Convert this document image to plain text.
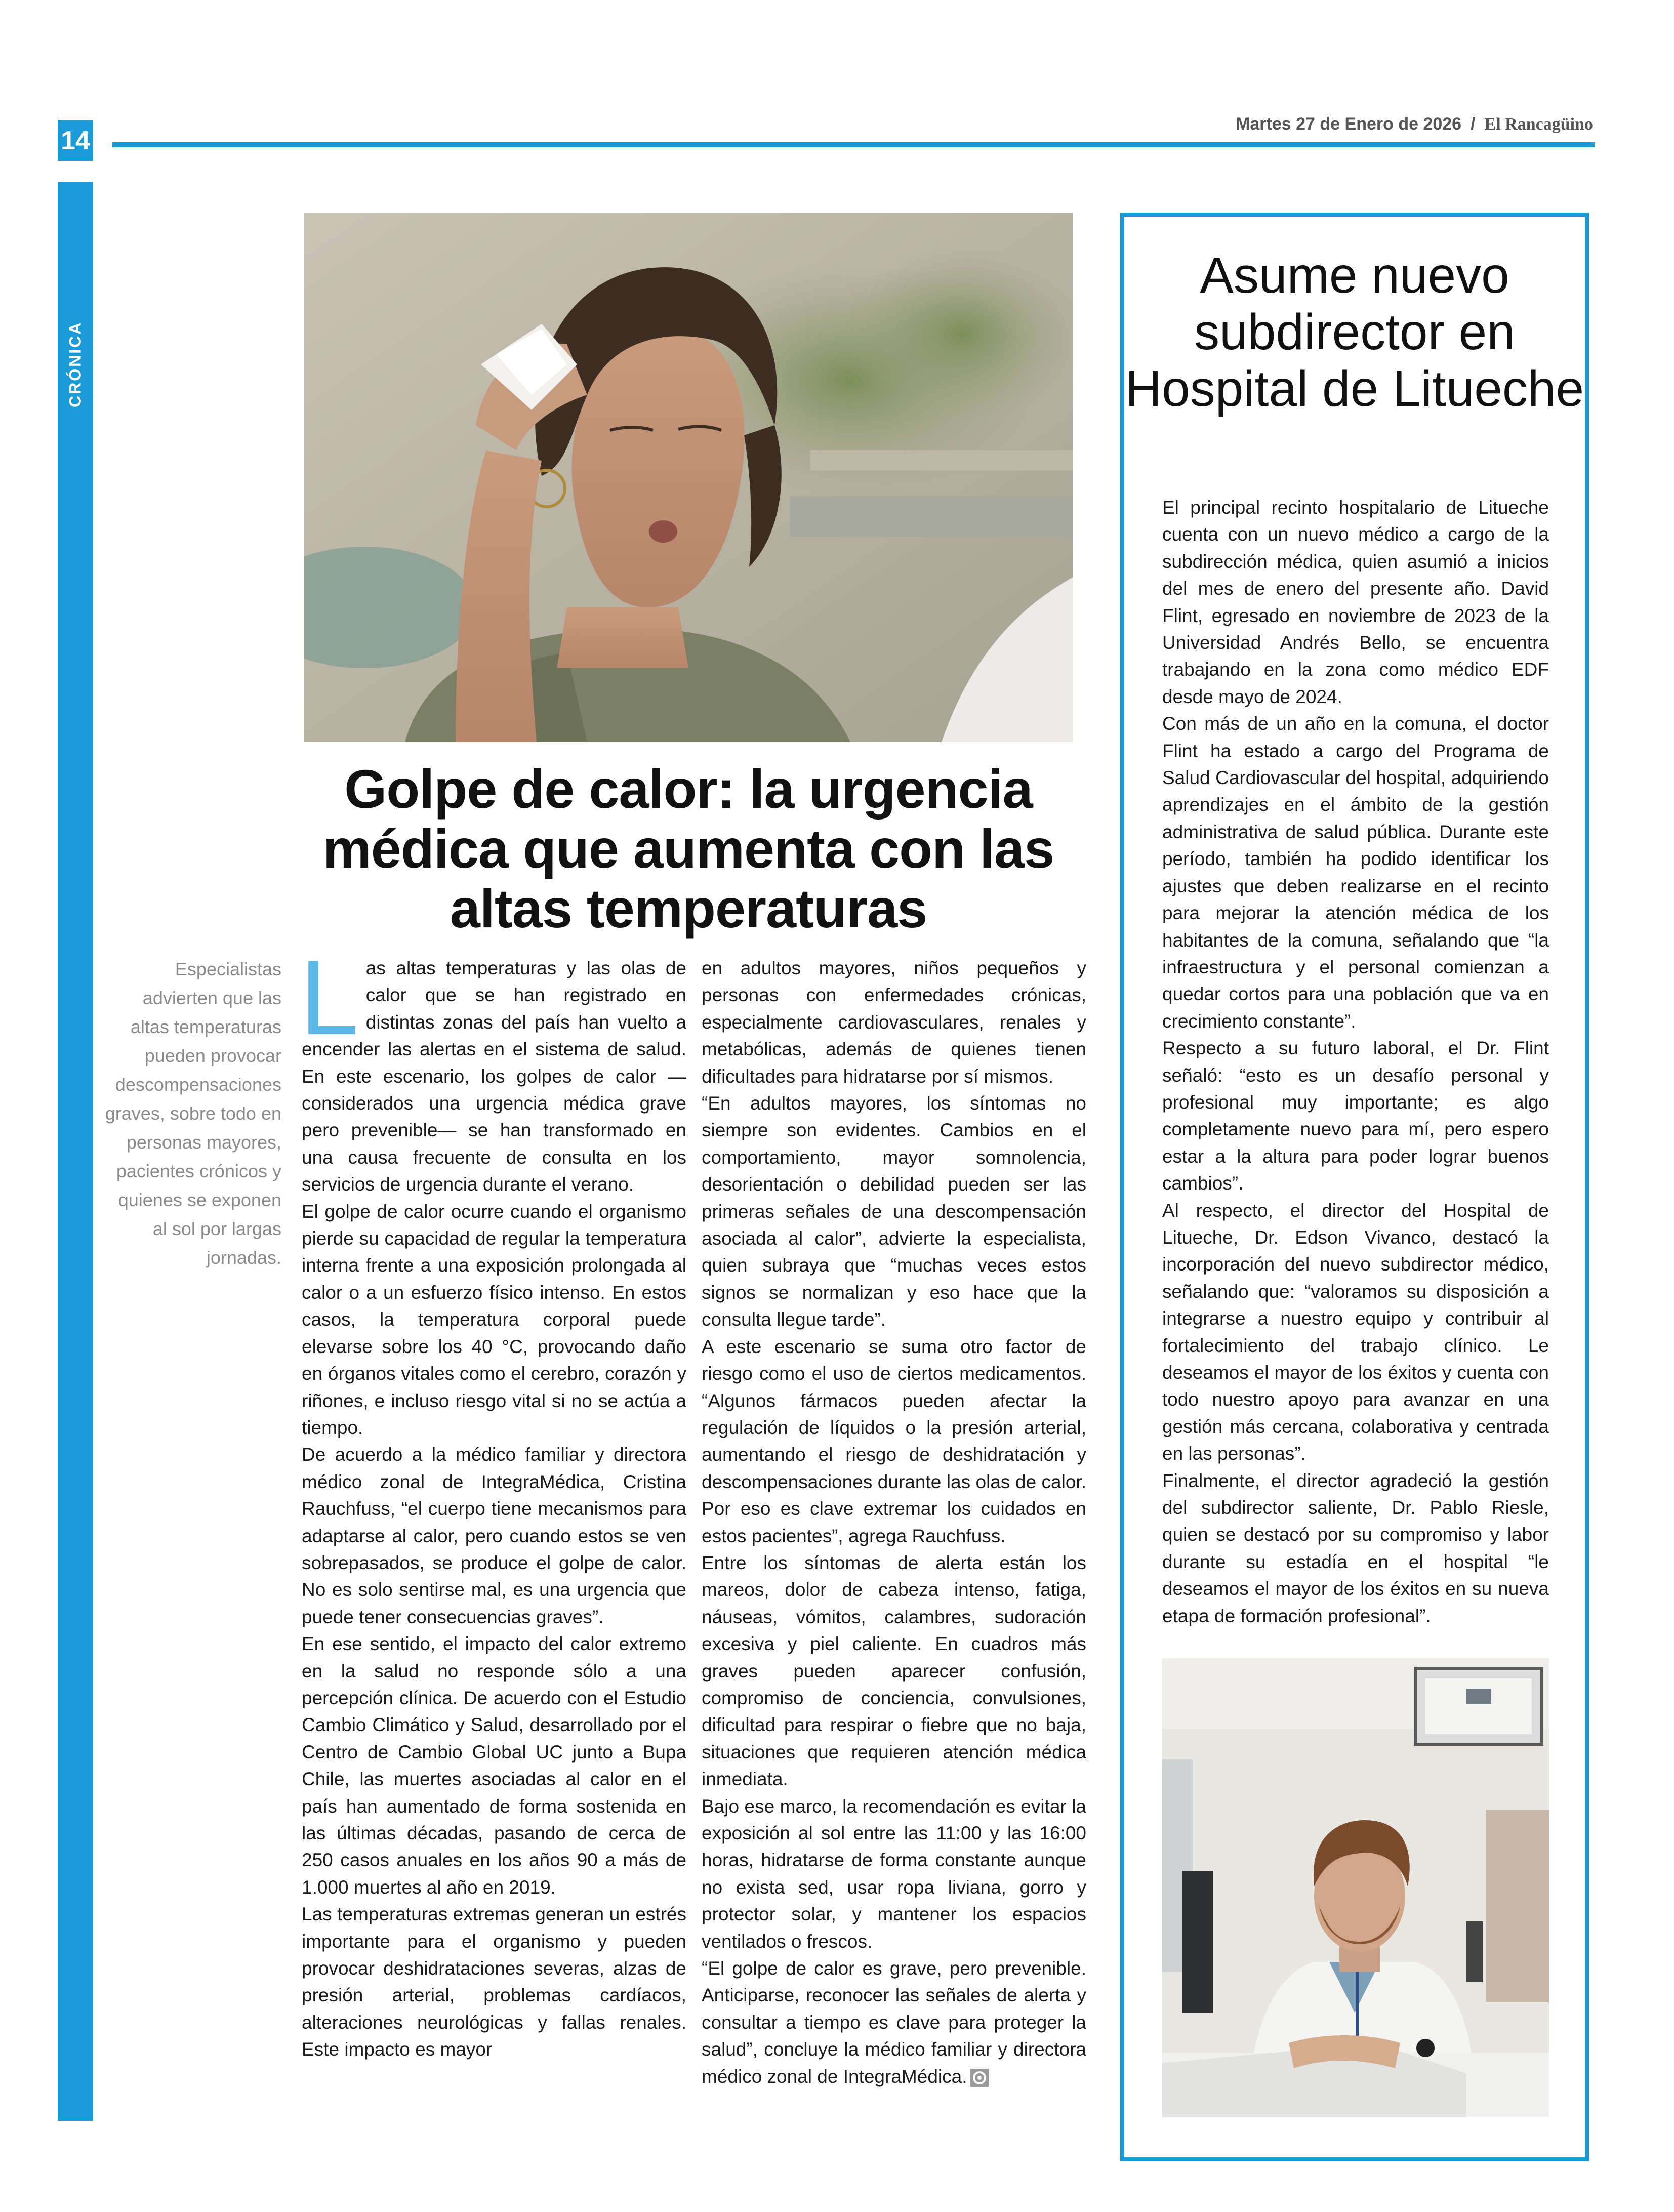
14
Martes 27 de Enero de 2026 / El Rancagüino
CRÓNICA
Golpe de calor: la urgencia médica que aumenta con las altas temperaturas
Especialistas advierten que las altas temperaturas pueden provocar descompensaciones graves, sobre todo en personas mayores, pacientes crónicos y quienes se exponen al sol por largas jornadas.

Las altas temperaturas y las olas de calor que se han registrado en distintas zonas del país han vuelto a encender las alertas en el sistema de salud. En este escenario, los golpes de calor —considerados una urgencia médica grave pero prevenible— se han transformado en una causa frecuente de consulta en los servicios de urgencia durante el verano.

El golpe de calor ocurre cuando el organismo pierde su capacidad de regular la temperatura interna frente a una exposición prolongada al calor o a un esfuerzo físico intenso. En estos casos, la temperatura corporal puede elevarse sobre los 40 °C, provocando daño en órganos vitales como el cerebro, corazón y riñones, e incluso riesgo vital si no se actúa a tiempo.

De acuerdo a la médico familiar y directora médico zonal de IntegraMédica, Cristina Rauchfuss, “el cuerpo tiene mecanismos para adaptarse al calor, pero cuando estos se ven sobrepasados, se produce el golpe de calor. No es solo sentirse mal, es una urgencia que puede tener consecuencias graves”.

En ese sentido, el impacto del calor extremo en la salud no responde sólo a una percepción clínica. De acuerdo con el Estudio Cambio Climático y Salud, desarrollado por el Centro de Cambio Global UC junto a Bupa Chile, las muertes asociadas al calor en el país han aumentado de forma sostenida en las últimas décadas, pasando de cerca de 250 casos anuales en los años 90 a más de 1.000 muertes al año en 2019.

Las temperaturas extremas generan un estrés importante para el organismo y pueden provocar deshidrataciones severas, alzas de presión arterial, problemas cardíacos, alteraciones neurológicas y fallas renales. Este impacto es mayor

en adultos mayores, niños pequeños y personas con enfermedades crónicas, especialmente cardiovasculares, renales y metabólicas, además de quienes tienen dificultades para hidratarse por sí mismos.

“En adultos mayores, los síntomas no siempre son evidentes. Cambios en el comportamiento, mayor somnolencia, desorientación o debilidad pueden ser las primeras señales de una descompensación asociada al calor”, advierte la especialista, quien subraya que “muchas veces estos signos se normalizan y eso hace que la consulta llegue tarde”.

A este escenario se suma otro factor de riesgo como el uso de ciertos medicamentos. “Algunos fármacos pueden afectar la regulación de líquidos o la presión arterial, aumentando el riesgo de deshidratación y descompensaciones durante las olas de calor. Por eso es clave extremar los cuidados en estos pacientes”, agrega Rauchfuss.

Entre los síntomas de alerta están los mareos, dolor de cabeza intenso, fatiga, náuseas, vómitos, calambres, sudoración excesiva y piel caliente. En cuadros más graves pueden aparecer confusión, compromiso de conciencia, convulsiones, dificultad para respirar o fiebre que no baja, situaciones que requieren atención médica inmediata.

Bajo ese marco, la recomendación es evitar la exposición al sol entre las 11:00 y las 16:00 horas, hidratarse de forma constante aunque no exista sed, usar ropa liviana, gorro y protector solar, y mantener los espacios ventilados o frescos.

“El golpe de calor es grave, pero prevenible. Anticiparse, reconocer las señales de alerta y consultar a tiempo es clave para proteger la salud”, concluye la médico familiar y directora médico zonal de IntegraMédica.

Asume nuevo subdirector en Hospital de Litueche

El principal recinto hospitalario de Litueche cuenta con un nuevo médico a cargo de la subdirección médica, quien asumió a inicios del mes de enero del presente año. David Flint, egresado en noviembre de 2023 de la Universidad Andrés Bello, se encuentra trabajando en la zona como médico EDF desde mayo de 2024.

Con más de un año en la comuna, el doctor Flint ha estado a cargo del Programa de Salud Cardiovascular del hospital, adquiriendo aprendizajes en el ámbito de la gestión administrativa de salud pública. Durante este período, también ha podido identificar los ajustes que deben realizarse en el recinto para mejorar la atención médica de los habitantes de la comuna, señalando que “la infraestructura y el personal comienzan a quedar cortos para una población que va en crecimiento constante”.

Respecto a su futuro laboral, el Dr. Flint señaló: “esto es un desafío personal y profesional muy importante; es algo completamente nuevo para mí, pero espero estar a la altura para poder lograr buenos cambios”.

Al respecto, el director del Hospital de Litueche, Dr. Edson Vivanco, destacó la incorporación del nuevo subdirector médico, señalando que: “valoramos su disposición a integrarse a nuestro equipo y contribuir al fortalecimiento del trabajo clínico. Le deseamos el mayor de los éxitos y cuenta con todo nuestro apoyo para avanzar en una gestión más cercana, colaborativa y centrada en las personas”.

Finalmente, el director agradeció la gestión del subdirector saliente, Dr. Pablo Riesle, quien se destacó por su compromiso y labor durante su estadía en el hospital “le deseamos el mayor de los éxitos en su nueva etapa de formación profesional”.
